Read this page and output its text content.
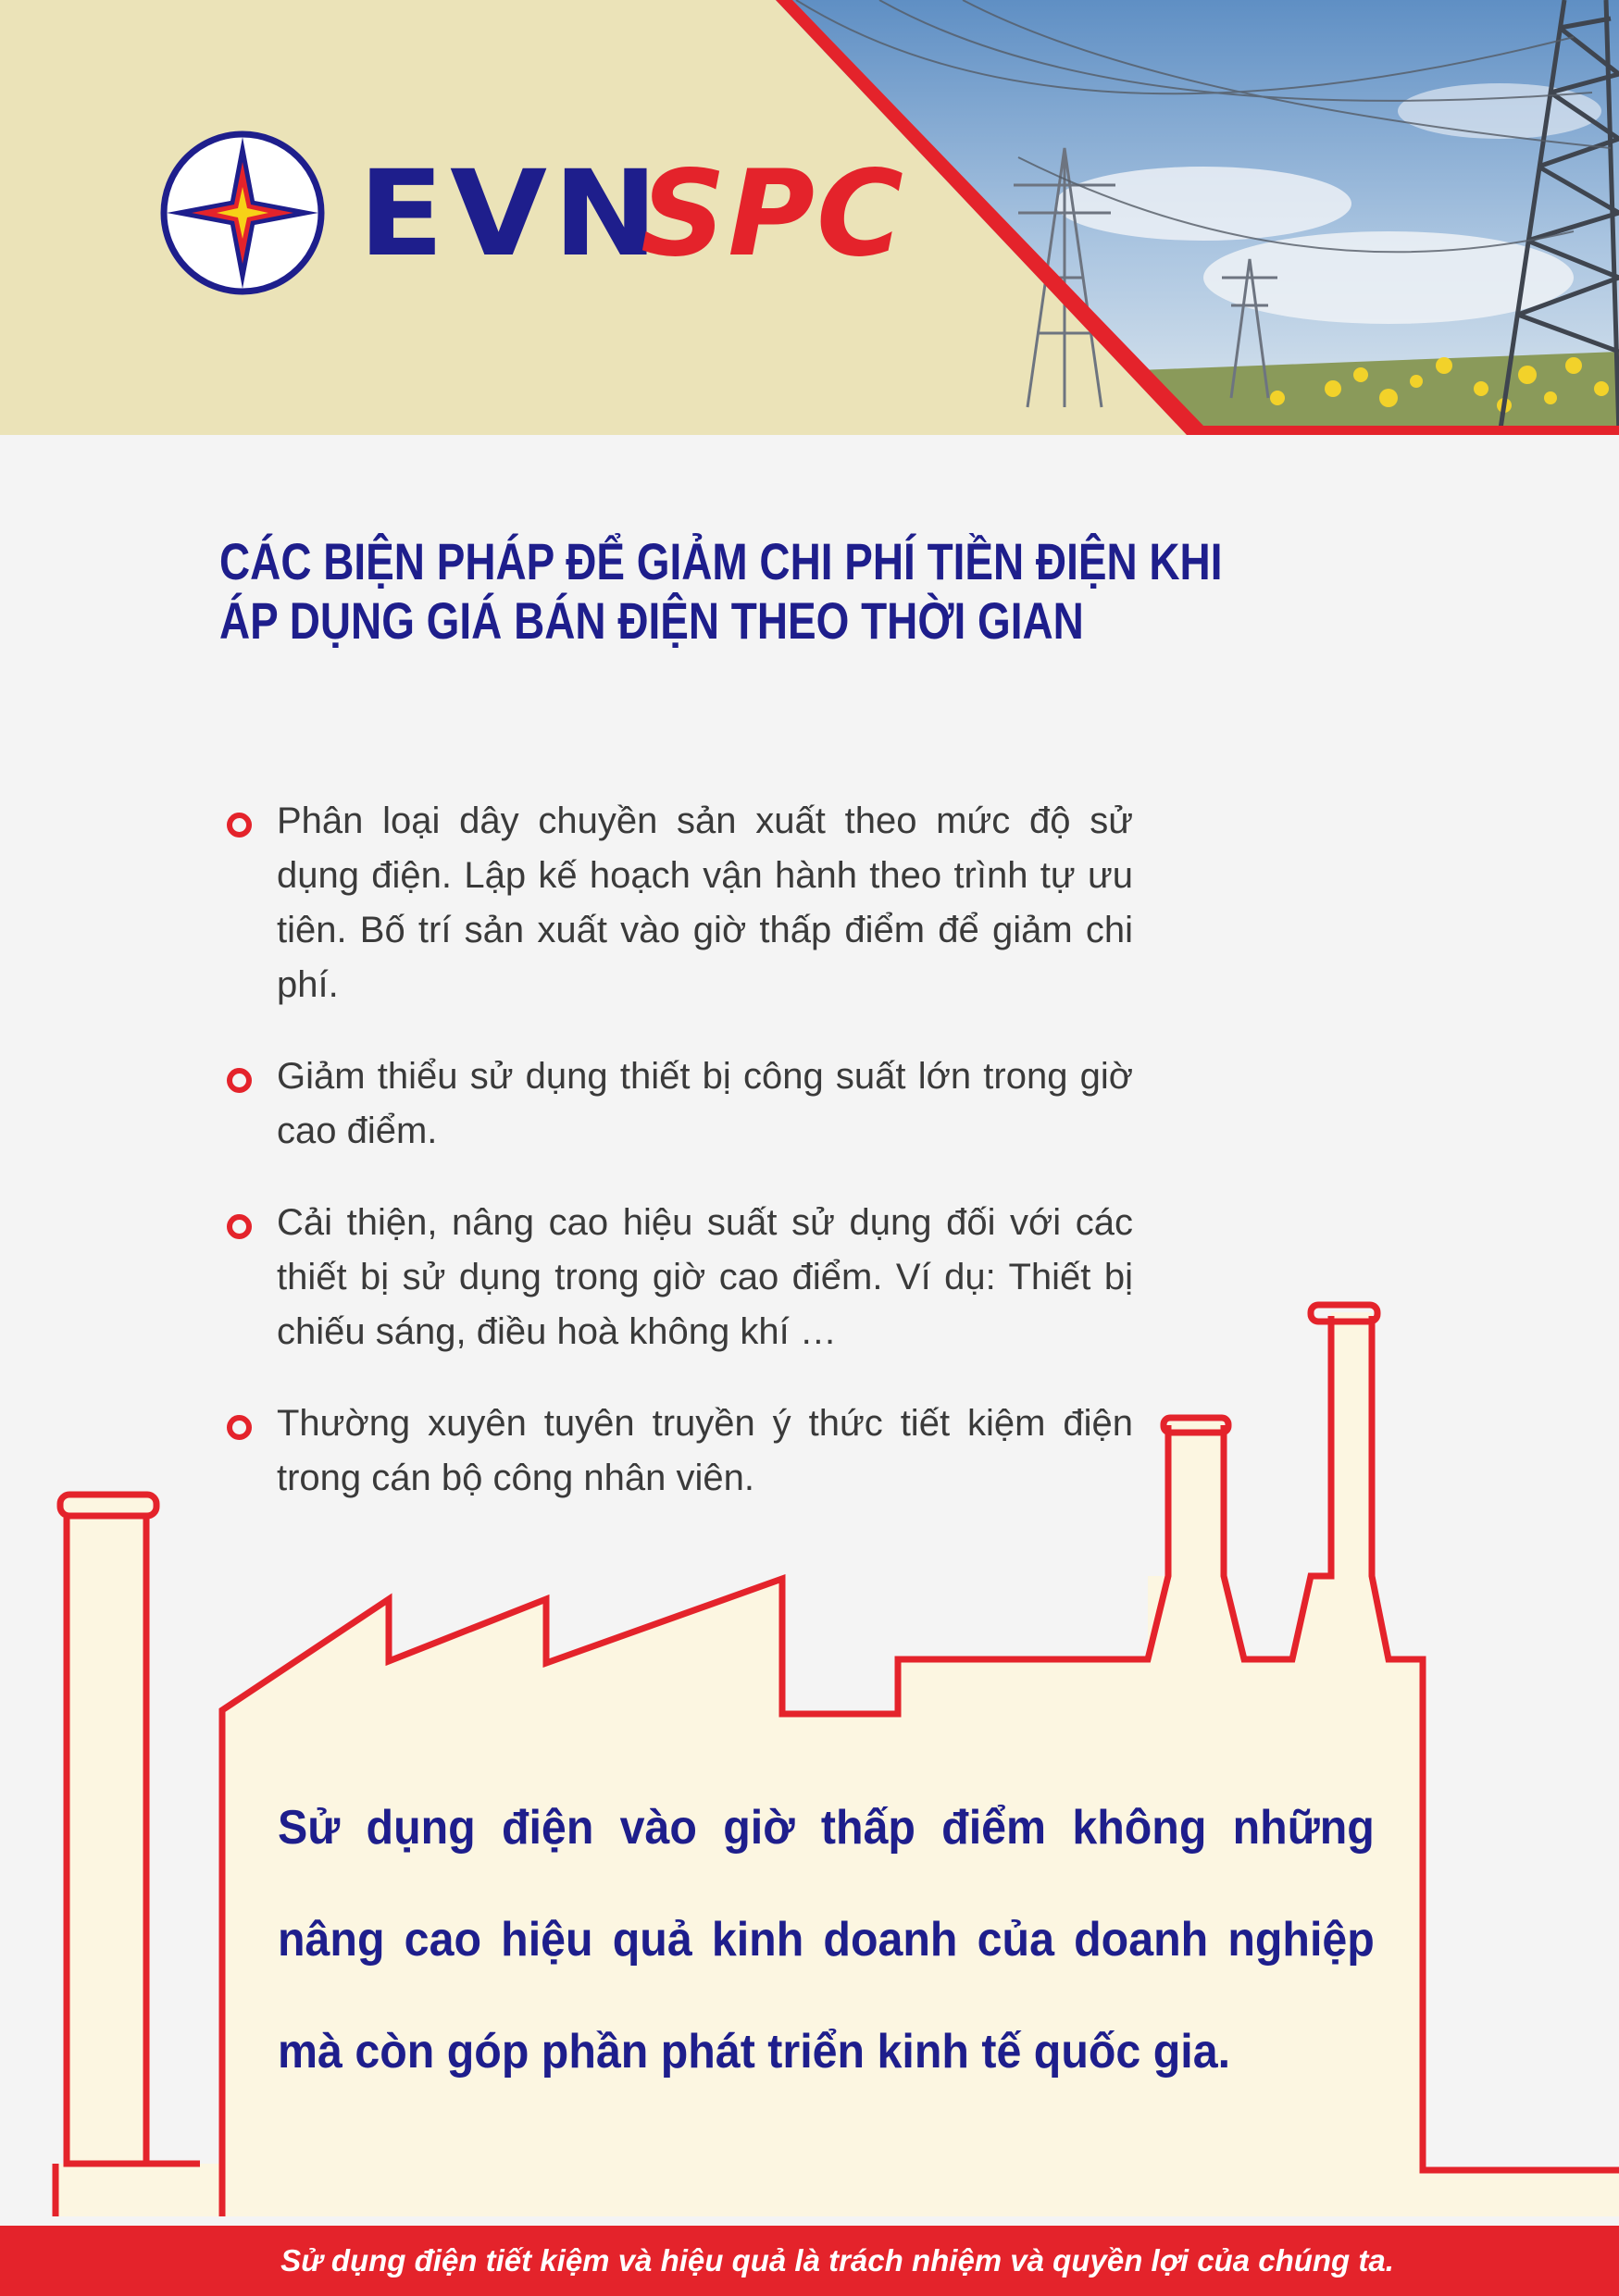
EVN
SPC
CÁC BIỆN PHÁP ĐỂ GIẢM CHI PHÍ TIỀN ĐIỆN KHI
ÁP DỤNG GIÁ BÁN ĐIỆN THEO THỜI GIAN
Phân loại dây chuyền sản xuất theo mức độ sử dụng điện. Lập kế hoạch vận hành theo trình tự ưu tiên. Bố trí sản xuất vào giờ thấp điểm để giảm chi phí.
Giảm thiểu sử dụng thiết bị công suất lớn trong giờ cao điểm.
Cải thiện, nâng cao hiệu suất sử dụng đối với các thiết bị sử dụng trong giờ cao điểm. Ví dụ: Thiết bị chiếu sáng, điều hoà không khí …
Thường xuyên tuyên truyền ý thức tiết kiệm điện trong cán bộ công nhân viên.
Sử dụng điện vào giờ thấp điểm không những nâng cao hiệu quả kinh doanh của doanh nghiệp mà còn góp phần phát triển kinh tế quốc gia.
Sử dụng điện tiết kiệm và hiệu quả là trách nhiệm và quyền lợi của chúng ta.
